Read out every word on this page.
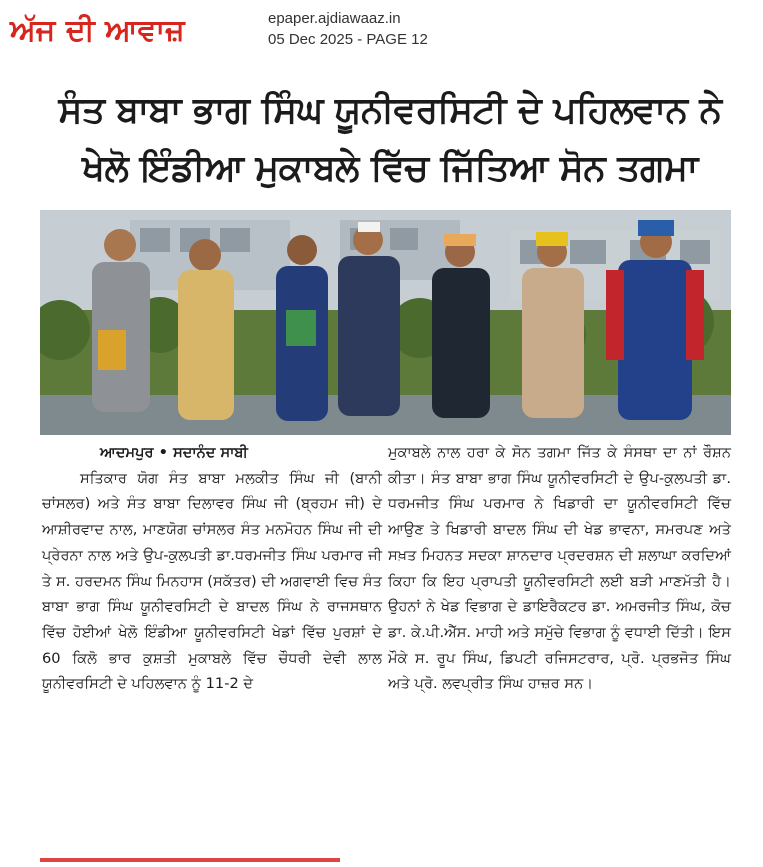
ਅੱਜ ਦੀ ਆਵਾਜ਼	epaper.ajdiawaaz.in
05 Dec 2025 - PAGE 12
ਸੰਤ ਬਾਬਾ ਭਾਗ ਸਿੰਘ ਯੂਨੀਵਰਸਿਟੀ ਦੇ ਪਹਿਲਵਾਨ ਨੇ ਖੇਲੋ ਇੰਡੀਆ ਮੁਕਾਬਲੇ ਵਿੱਚ ਜਿੱਤਿਆ ਸੋਨ ਤਗਮਾ
ਆਦਮਪੁਰ • ਸਦਾਨੰਦ ਸਾਬੀ

ਸਤਿਕਾਰ ਯੋਗ ਸੰਤ ਬਾਬਾ ਮਲਕੀਤ ਸਿੰਘ ਜੀ (ਬਾਨੀ ਚਾਂਸਲਰ) ਅਤੇ ਸੰਤ ਬਾਬਾ ਦਿਲਾਵਰ ਸਿੰਘ ਜੀ (ਬ੍ਰਹਮ ਜੀ) ਦੇ ਆਸ਼ੀਰਵਾਦ ਨਾਲ, ਮਾਣਯੋਗ ਚਾਂਸਲਰ ਸੰਤ ਮਨਮੋਹਨ ਸਿੰਘ ਜੀ ਦੀ ਪ੍ਰੇਰਨਾ ਨਾਲ ਅਤੇ ਉਪ-ਕੁਲਪਤੀ ਡਾ.ਧਰਮਜੀਤ ਸਿੰਘ ਪਰਮਾਰ ਜੀ ਤੇ ਸ. ਹਰਦਮਨ ਸਿੰਘ ਮਿਨਹਾਸ (ਸਕੱਤਰ) ਦੀ ਅਗਵਾਈ ਵਿਚ ਸੰਤ ਬਾਬਾ ਭਾਗ ਸਿੰਘ ਯੂਨੀਵਰਸਿਟੀ ਦੇ ਬਾਦਲ ਸਿੰਘ ਨੇ ਰਾਜਸਥਾਨ ਵਿੱਚ ਹੋਈਆਂ ਖੇਲੋ ਇੰਡੀਆ ਯੂਨੀਵਰਸਿਟੀ ਖੇਡਾਂ ਵਿੱਚ ਪੁਰਸ਼ਾਂ ਦੇ 60 ਕਿਲੋ ਭਾਰ ਕੁਸ਼ਤੀ ਮੁਕਾਬਲੇ ਵਿੱਚ ਚੌਧਰੀ ਦੇਵੀ ਲਾਲ ਯੂਨੀਵਰਸਿਟੀ ਦੇ ਪਹਿਲਵਾਨ ਨੂੰ 11-2 ਦੇ

ਮੁਕਾਬਲੇ ਨਾਲ ਹਰਾ ਕੇ ਸੋਨ ਤਗਮਾ ਜਿੱਤ ਕੇ ਸੰਸਥਾ ਦਾ ਨਾਂ ਰੌਸ਼ਨ ਕੀਤਾ। ਸੰਤ ਬਾਬਾ ਭਾਗ ਸਿੰਘ ਯੂਨੀਵਰਸਿਟੀ ਦੇ ਉਪ-ਕੁਲਪਤੀ ਡਾ. ਧਰਮਜੀਤ ਸਿੰਘ ਪਰਮਾਰ ਨੇ ਖਿਡਾਰੀ ਦਾ ਯੂਨੀਵਰਸਿਟੀ ਵਿੱਚ ਆਉਣ ਤੇ ਖਿਡਾਰੀ ਬਾਦਲ ਸਿੰਘ ਦੀ ਖੇਡ ਭਾਵਨਾ, ਸਮਰਪਣ ਅਤੇ ਸਖ਼ਤ ਮਿਹਨਤ ਸਦਕਾ ਸ਼ਾਨਦਾਰ ਪ੍ਰਦਰਸ਼ਨ ਦੀ ਸ਼ਲਾਘਾ ਕਰਦਿਆਂ ਕਿਹਾ ਕਿ ਇਹ ਪ੍ਰਾਪਤੀ ਯੂਨੀਵਰਸਿਟੀ ਲਈ ਬੜੀ ਮਾਣਮੱਤੀ ਹੈ। ਉਹਨਾਂ ਨੇ ਖੇਡ ਵਿਭਾਗ ਦੇ ਡਾਇਰੈਕਟਰ ਡਾ. ਅਮਰਜੀਤ ਸਿੰਘ, ਕੋਚ ਡਾ. ਕੇ.ਪੀ.ਐੱਸ. ਮਾਹੀ ਅਤੇ ਸਮੁੱਚੇ ਵਿਭਾਗ ਨੂੰ ਵਧਾਈ ਦਿੱਤੀ। ਇਸ ਮੌਕੇ ਸ. ਰੂਪ ਸਿੰਘ, ਡਿਪਟੀ ਰਜਿਸਟਰਾਰ, ਪ੍ਰੋ. ਪ੍ਰਭਜੋਤ ਸਿੰਘ ਅਤੇ ਪ੍ਰੋ. ਲਵਪ੍ਰੀਤ ਸਿੰਘ ਹਾਜ਼ਰ ਸਨ।
